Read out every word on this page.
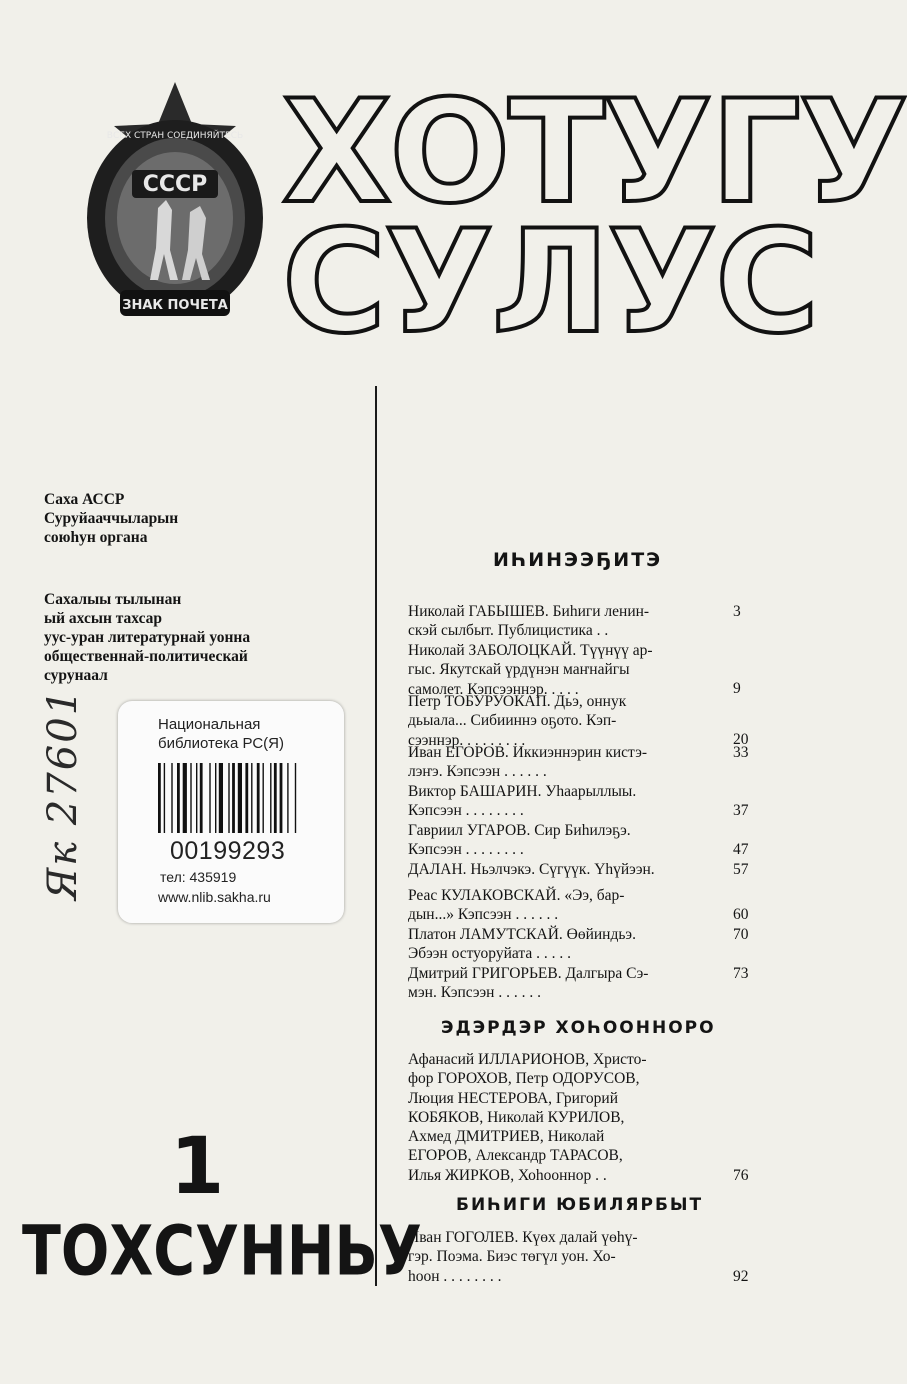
СССР
ВСЕХ СТРАН СОЕДИНЯЙТЕСЬ
ЗНАК ПОЧЕТА
ХОТУГУ
СУЛУС
Саха АССР
Суруйааччыларын
союһун органа
Сахалыы тылынан
ый ахсын тахсар
уус-уран литературнай уонна
общественнай-политическай
сурунаал
Национальная
библиотека РС(Я)
00199293
тел: 435919
www.nlib.sakha.ru
Як 27601
1
ТОХСУННЬУ
ИҺИНЭЭҔИТЭ
Николай ГАБЫШЕВ. Биһиги ленин-
скэй сылбыт. Публицистика . .
3
Николай ЗАБОЛОЦКАЙ. Түүнүү ар-
гыс. Якутскай үрдүнэн маҥнайгы
самолет. Кэпсээннэр. . . . .	9
Петр ТОБУРУОКАП. Дьэ, оннук
дьыала... Сибииннэ оҕото. Кэп-
сээннэр. . . . . . . . .	20
Иван ЕГОРОВ. Иккиэннэрин кистэ-
лэҥэ. Кэпсээн . . . . . .
33
Виктор БАШАРИН. Уһаарыллыы.
Кэпсээн . . . . . . . .	37
Гавриил УГАРОВ. Сир Биһилэҕэ.
Кэпсээн . . . . . . . .	47
ДАЛАН. Ньэлчэкэ. Сүгүүк. Үһүйээн.	57
Реас КУЛАКОВСКАЙ. «Ээ, бар-
дын...» Кэпсээн . . . . . .	60
Платон ЛАМУТСКАЙ. Өөйиндьэ.
Эбээн остуоруйата . . . . .
70
Дмитрий ГРИГОРЬЕВ. Далгыра Сэ-
мэн. Кэпсээн . . . . . .
73
ЭДЭРДЭР ХОҺООННОРО
Афанасий ИЛЛАРИОНОВ, Христо-
фор ГОРОХОВ, Петр ОДОРУСОВ,
Люция НЕСТЕРОВА, Григорий
КОБЯКОВ, Николай КУРИЛОВ,
Ахмед ДМИТРИЕВ, Николай
ЕГОРОВ, Александр ТАРАСОВ,
Илья ЖИРКОВ, Хоһооннор . .	76
БИҺИГИ ЮБИЛЯРБЫТ
Иван ГОГОЛЕВ. Күөх далай үөһү-
гэр. Поэма. Биэс төгүл уон. Хо-
һоон . . . . . . . .	92
